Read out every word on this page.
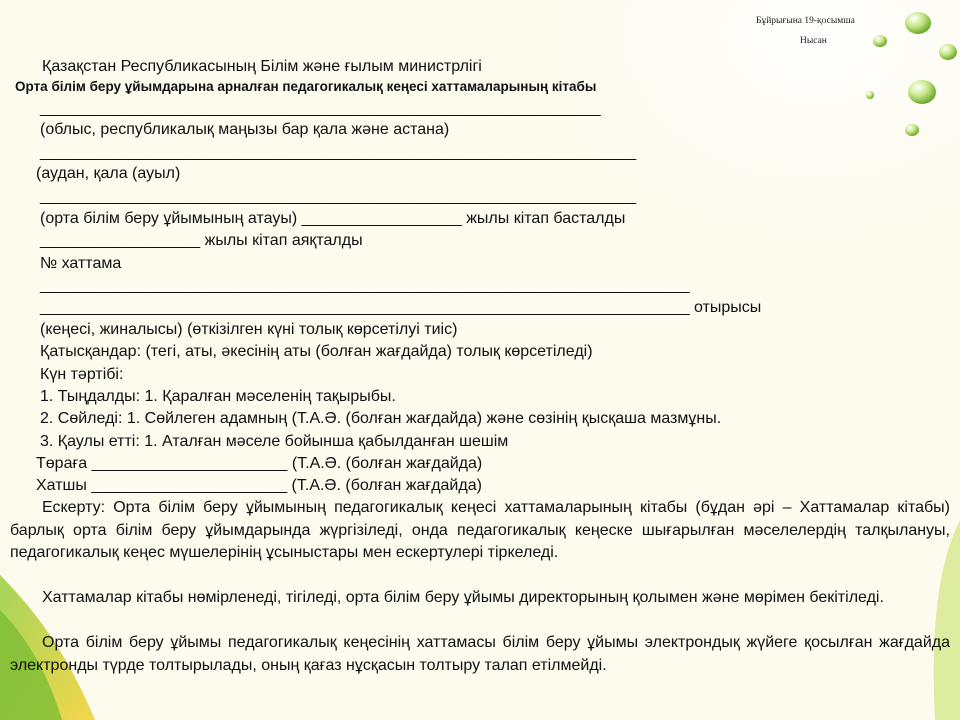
Бұйрығына 19-қосымша
Нысан
Қазақстан Республикасының Білім және ғылым министрлігі
Орта білім беру ұйымдарына арналған педагогикалық кеңесі хаттамаларының кітабы
_______________________________________________________________
(облыс, республикалық маңызы бар қала және астана)
___________________________________________________________________
(аудан, қала (ауыл)
___________________________________________________________________
(орта білім беру ұйымының атауы) __________________ жылы кітап басталды
__________________ жылы кітап аяқталды
№ хаттама
_________________________________________________________________________
_________________________________________________________________________ отырысы
(кеңесі, жиналысы) (өткізілген күні толық көрсетілуі тиіс)
Қатысқандар: (тегі, аты, әкесінің аты (болған жағдайда) толық көрсетіледі)
Күн тәртібі:
1. Тыңдалды: 1. Қаралған мәселенің тақырыбы.
2. Сөйледі: 1. Сөйлеген адамның (Т.А.Ә. (болған жағдайда) және сөзінің қысқаша мазмұны.
3. Қаулы етті: 1. Аталған мәселе бойынша қабылданған шешім
Төраға ______________________ (Т.А.Ә. (болған жағдайда)
Хатшы ______________________ (Т.А.Ә. (болған жағдайда)
Ескерту: Орта білім беру ұйымының педагогикалық кеңесі хаттамаларының кітабы (бұдан әрі – Хаттамалар кітабы) барлық орта білім беру ұйымдарында жүргізіледі, онда педагогикалық кеңеске шығарылған мәселелердің талқылануы, педагогикалық кеңес мүшелерінің ұсыныстары мен ескертулері тіркеледі.
Хаттамалар кітабы нөмірленеді, тігіледі, орта білім беру ұйымы директорының қолымен және мөрімен бекітіледі.
Орта білім беру ұйымы педагогикалық кеңесінің хаттамасы білім беру ұйымы электрондық жүйеге қосылған жағдайда электронды түрде толтырылады, оның қағаз нұсқасын толтыру талап етілмейді.
